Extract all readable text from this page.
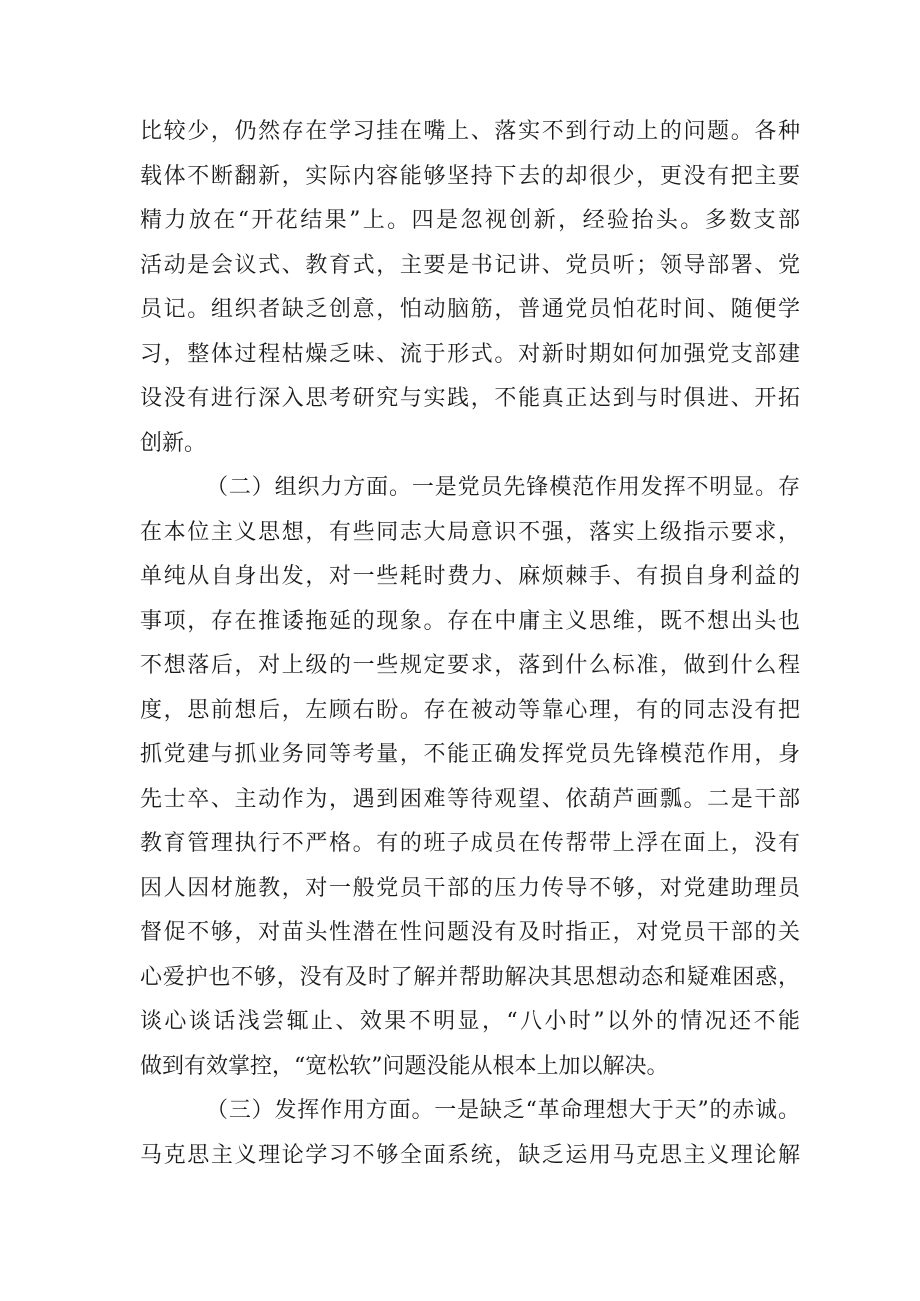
比较少，仍然存在学习挂在嘴上、落实不到行动上的问题。各种
载体不断翻新，实际内容能够坚持下去的却很少，更没有把主要
精力放在“开花结果”上。四是忽视创新，经验抬头。多数支部
活动是会议式、教育式，主要是书记讲、党员听；领导部署、党
员记。组织者缺乏创意，怕动脑筋，普通党员怕花时间、随便学
习，整体过程枯燥乏味、流于形式。对新时期如何加强党支部建
设没有进行深入思考研究与实践，不能真正达到与时俱进、开拓
创新。
（二）组织力方面。一是党员先锋模范作用发挥不明显。存
在本位主义思想，有些同志大局意识不强，落实上级指示要求，
单纯从自身出发，对一些耗时费力、麻烦棘手、有损自身利益的
事项，存在推诿拖延的现象。存在中庸主义思维，既不想出头也
不想落后，对上级的一些规定要求，落到什么标准，做到什么程
度，思前想后，左顾右盼。存在被动等靠心理，有的同志没有把
抓党建与抓业务同等考量，不能正确发挥党员先锋模范作用，身
先士卒、主动作为，遇到困难等待观望、依葫芦画瓢。二是干部
教育管理执行不严格。有的班子成员在传帮带上浮在面上，没有
因人因材施教，对一般党员干部的压力传导不够，对党建助理员
督促不够，对苗头性潜在性问题没有及时指正，对党员干部的关
心爱护也不够，没有及时了解并帮助解决其思想动态和疑难困惑，
谈心谈话浅尝辄止、效果不明显，“八小时”以外的情况还不能
做到有效掌控，“宽松软”问题没能从根本上加以解决。
（三）发挥作用方面。一是缺乏“革命理想大于天”的赤诚。
马克思主义理论学习不够全面系统，缺乏运用马克思主义理论解
